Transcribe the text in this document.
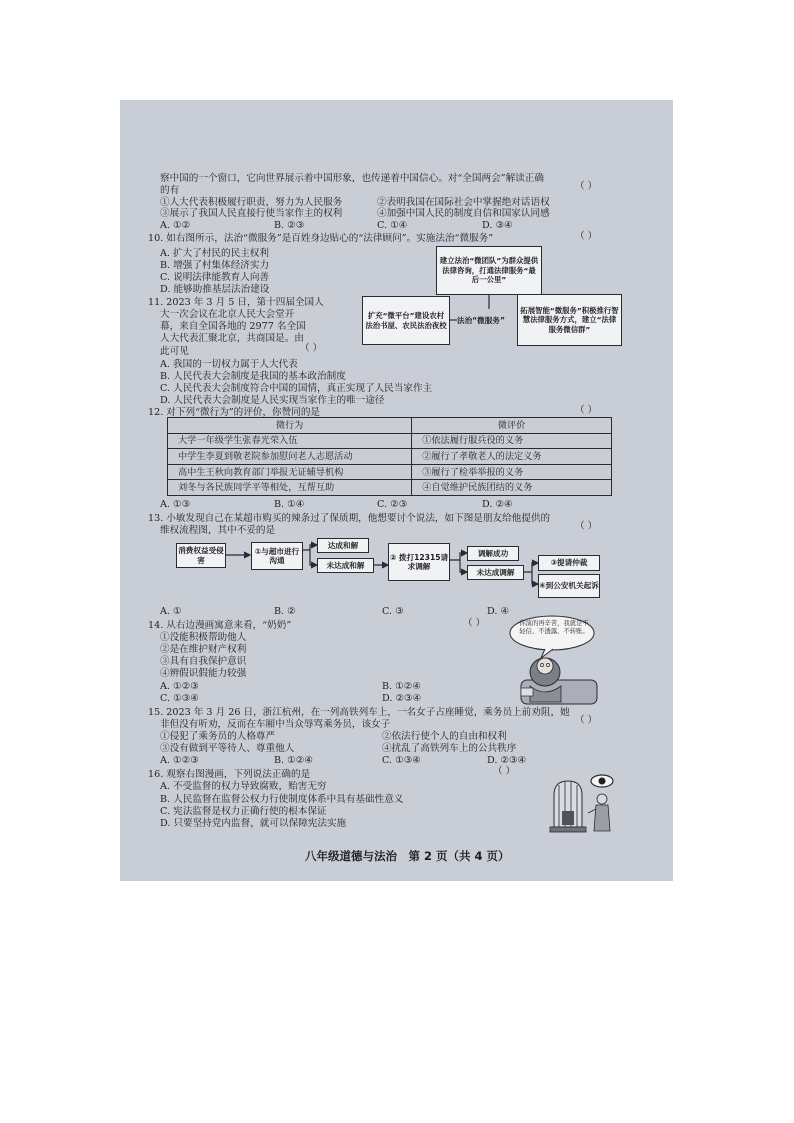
察中国的一个窗口，它向世界展示着中国形象，也传递着中国信心。对“全国两会”解读正确
的有	（ ）
①人大代表积极履行职责，努力为人民服务	②表明我国在国际社会中掌握绝对话语权
③展示了我国人民直接行使当家作主的权利	④加强中国人民的制度自信和国家认同感
A. ①②	B. ②③	C. ①④	D. ③④
10. 如右图所示，法治“微服务”是百姓身边贴心的“法律顾问”。实施法治“微服务”	（ ）
A. 扩大了村民的民主权利
B. 增强了村集体经济实力
C. 说明法律能教育人向善
D. 能够助推基层法治建设
建立法治“微团队”为群众提供法律咨询，打通法律服务“最后一公里”
扩充“微平台”建设农村法治书屋、农民法治夜校	法治“微服务”
拓展智能“微服务”积极推行智慧法律服务方式，建立“法律服务微信群”
11. 2023 年 3 月 5 日，第十四届全国人
大一次会议在北京人民大会堂开
幕，来自全国各地的 2977 名全国
人大代表汇聚北京，共商国是。由
此可见	（ ）
A. 我国的一切权力属于人大代表
B. 人民代表大会制度是我国的基本政治制度
C. 人民代表大会制度符合中国的国情，真正实现了人民当家作主
D. 人民代表大会制度是人民实现当家作主的唯一途径
12. 对下列“微行为”的评价，你赞同的是	（ ）
微行为	微评价
大学一年级学生张春光荣入伍	①依法履行服兵役的义务
中学生李夏到敬老院参加慰问老人志愿活动	②履行了孝敬老人的法定义务
高中生王秋向教育部门举报无证辅导机构	③履行了检举举报的义务
刘冬与各民族同学平等相处，互帮互助	④自觉维护民族团结的义务
A. ①③	B. ①④	C. ②③	D. ②④
13. 小敏发现自己在某超市购买的辣条过了保质期，他想要讨个说法，如下图是朋友给他提供的
维权流程图，其中不妥的是	（ ）
消费权益受侵害
①与超市进行沟通
达成和解
未达成和解
② 拨打12315请求调解
调解成功
未达成调解
③提请仲裁
④到公安机关起诉
A. ①	B. ②	C. ③	D. ④
14. 从右边漫画寓意来看，“奶奶”	（ ）
①没能积极帮助他人
②是在维护财产权利
③具有自我保护意识
④辨假识假能力较强
A. ①②③	B. ①②④
C. ①③④	D. ②③④
你演的再辛苦，我就是不轻信、不透露、不转账。
15. 2023 年 3 月 26 日，浙江杭州，在一列高铁列车上，一名女子占座睡觉，乘务员上前劝阻，她
非但没有听劝，反而在车厢中当众辱骂乘务员，该女子	（ ）
①侵犯了乘务员的人格尊严	②依法行使个人的自由和权利
③没有做到平等待人、尊重他人	④扰乱了高铁列车上的公共秩序
A. ①②③	B. ①②④	C. ①③④	D. ②③④
16. 观察右图漫画，下列说法正确的是	（ ）
A. 不受监督的权力导致腐败，贻害无穷
B. 人民监督在监督公权力行使制度体系中具有基础性意义
C. 宪法监督是权力正确行使的根本保证
D. 只要坚持党内监督，就可以保障宪法实施
八年级道德与法治　第 2 页（共 4 页）
